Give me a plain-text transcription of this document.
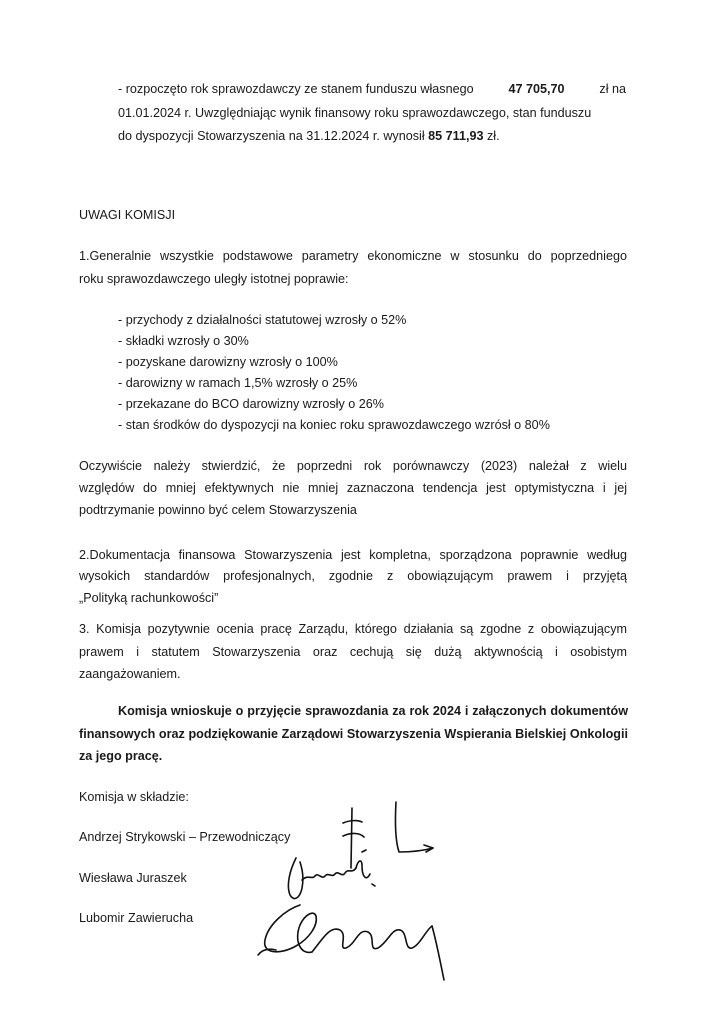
- rozpoczęto rok sprawozdawczy ze stanem funduszu własnego	47 705,70	zł na
01.01.2024 r. Uwzględniając wynik finansowy roku sprawozdawczego, stan funduszu
do dyspozycji Stowarzyszenia na 31.12.2024 r. wynosił 85 711,93 zł.
UWAGI KOMISJI
1.Generalnie wszystkie podstawowe parametry ekonomiczne w stosunku do poprzedniego
roku sprawozdawczego uległy istotnej poprawie:
- przychody z działalności statutowej wzrosły o 52%
- składki wzrosły o 30%
- pozyskane darowizny wzrosły o 100%
- darowizny w ramach 1,5% wzrosły o 25%
- przekazane do BCO darowizny wzrosły o 26%
- stan środków do dyspozycji na koniec roku sprawozdawczego wzrósł o 80%
Oczywiście należy stwierdzić, że poprzedni rok porównawczy (2023) należał z wielu
względów do mniej efektywnych nie mniej zaznaczona tendencja jest optymistyczna i jej
podtrzymanie powinno być celem Stowarzyszenia
2.Dokumentacja finansowa Stowarzyszenia jest kompletna, sporządzona poprawnie według
wysokich standardów profesjonalnych, zgodnie z obowiązującym prawem i przyjętą
„Polityką rachunkowości”
3. Komisja pozytywnie ocenia pracę Zarządu, którego działania są zgodne z obowiązującym
prawem i statutem Stowarzyszenia oraz cechują się dużą aktywnością i osobistym
zaangażowaniem.
Komisja wnioskuje o przyjęcie sprawozdania za rok 2024 i załączonych dokumentów
finansowych oraz podziękowanie Zarządowi Stowarzyszenia Wspierania Bielskiej Onkologii
za jego pracę.
Komisja w składzie:
Andrzej Strykowski – Przewodniczący
Wiesława Juraszek
Lubomir Zawierucha
